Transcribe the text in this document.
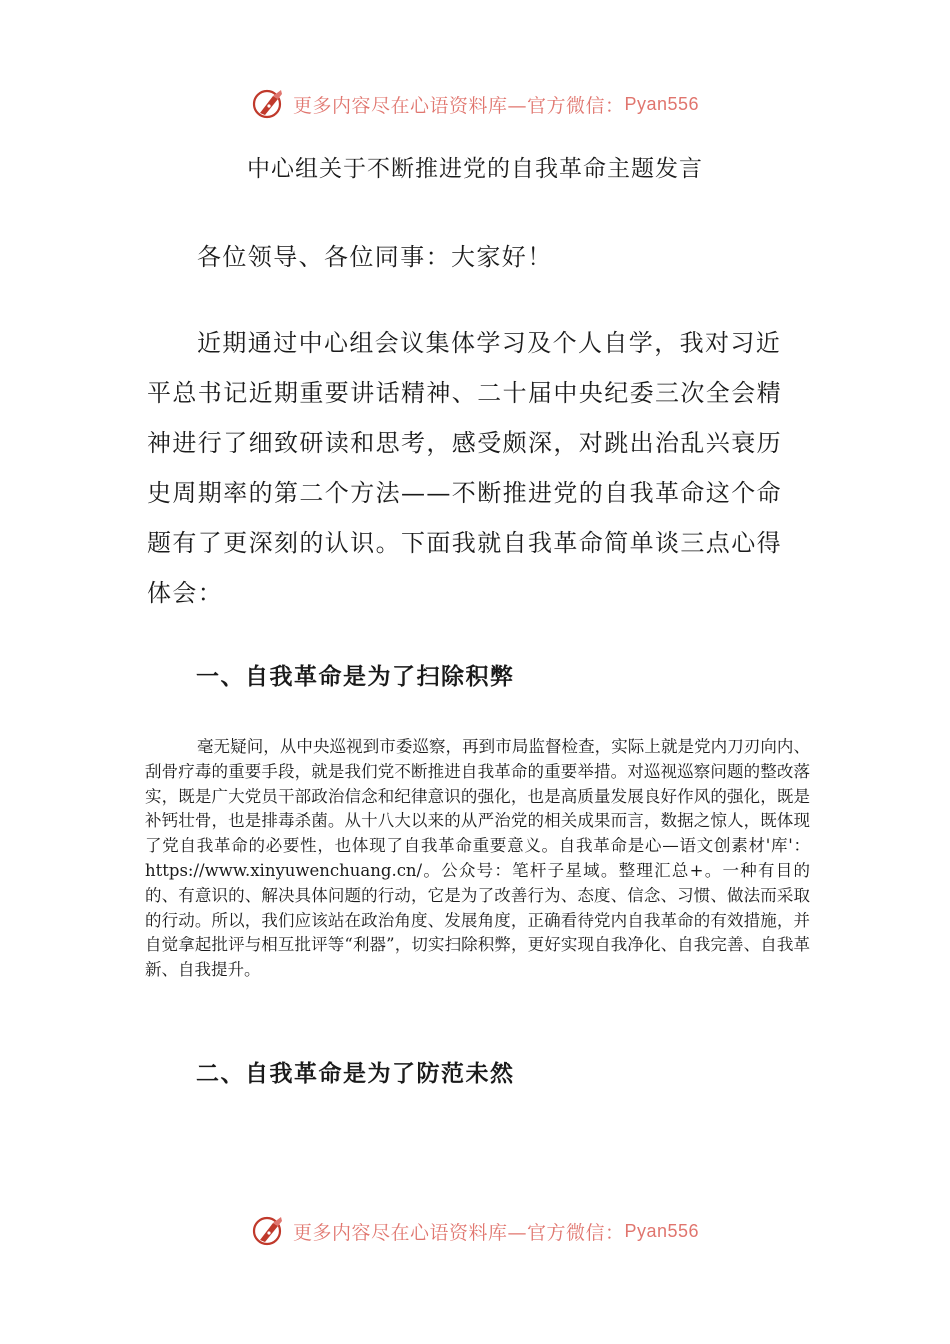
更多内容尽在心语资料库—官方微信： Pyan556
中心组关于不断推进党的自我革命主题发言

各位领导、各位同事：大家好！

近期通过中心组会议集体学习及个人自学，我对习近平总书记近期重要讲话精神、二十届中央纪委三次全会精神进行了细致研读和思考，感受颇深，对跳出治乱兴衰历史周期率的第二个方法——不断推进党的自我革命这个命题有了更深刻的认识。下面我就自我革命简单谈三点心得体会：

一、自我革命是为了扫除积弊

毫无疑问，从中央巡视到市委巡察，再到市局监督检查，实际上就是党内刀刃向内、刮骨疗毒的重要手段，就是我们党不断推进自我革命的重要举措。对巡视巡察问题的整改落实，既是广大党员干部政治信念和纪律意识的强化，也是高质量发展良好作风的强化，既是补钙壮骨，也是排毒杀菌。从十八大以来的从严治党的相关成果而言，数据之惊人，既体现了党自我革命的必要性，也体现了自我革命重要意义。自我革命是心—语文创素材'库'：https://www.xinyuwenchuang.cn/。公众号：笔杆子星域。整理汇总+。一种有目的的、有意识的、解决具体问题的行动，它是为了改善行为、态度、信念、习惯、做法而采取的行动。所以，我们应该站在政治角度、发展角度，正确看待党内自我革命的有效措施，并自觉拿起批评与相互批评等“利器”，切实扫除积弊，更好实现自我净化、自我完善、自我革新、自我提升。

二、自我革命是为了防范未然
更多内容尽在心语资料库—官方微信： Pyan556
